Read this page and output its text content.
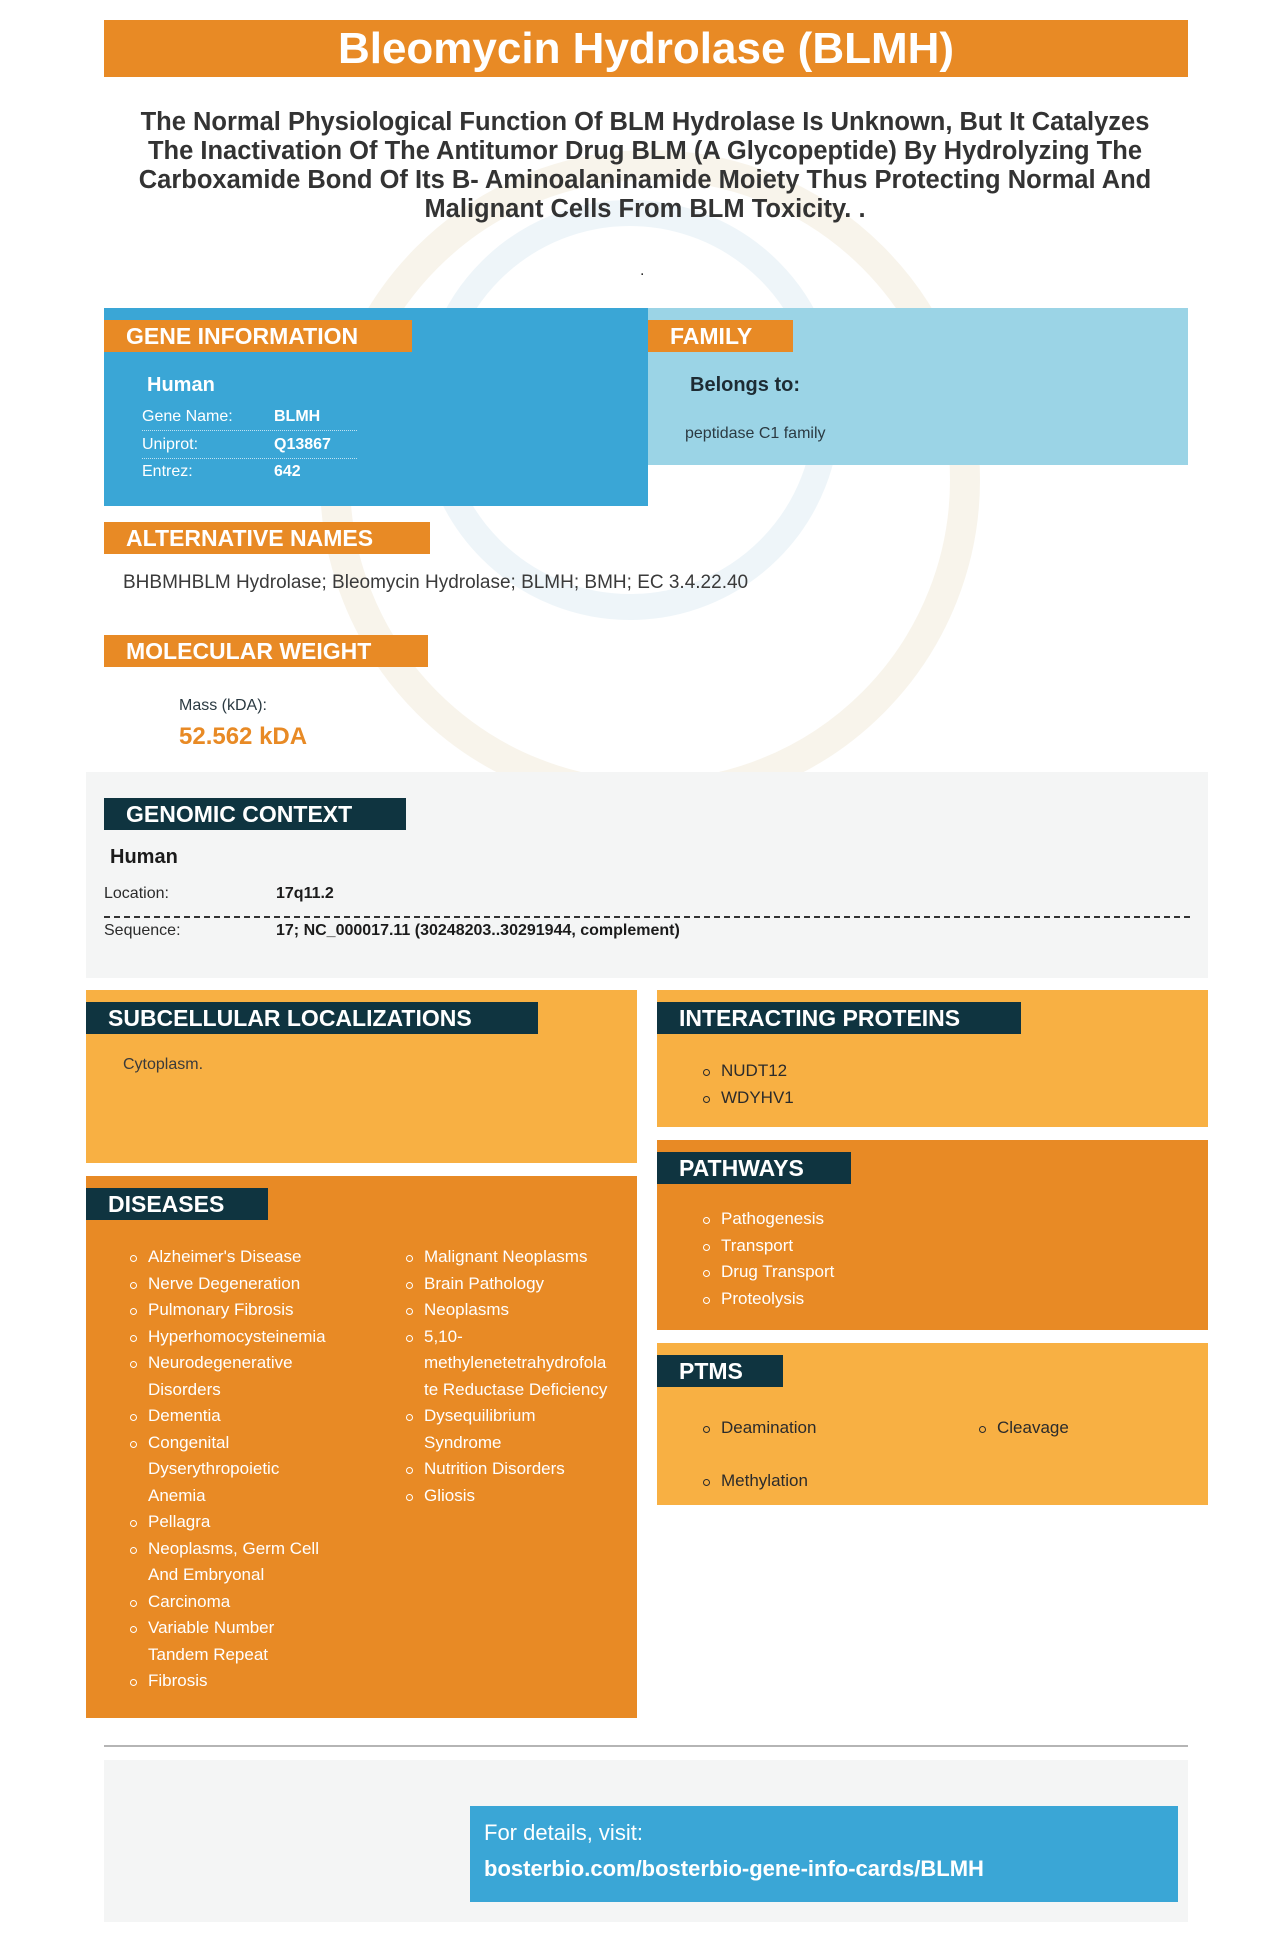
Bleomycin Hydrolase (BLMH)
The Normal Physiological Function Of BLM Hydrolase Is Unknown, But It Catalyzes The Inactivation Of The Antitumor Drug BLM (A Glycopeptide) By Hydrolyzing The Carboxamide Bond Of Its B- Aminoalaninamide Moiety Thus Protecting Normal And Malignant Cells From BLM Toxicity. .
.
GENE INFORMATION
Human
Gene Name:	BLMH
Uniprot:	Q13867
Entrez:	642
FAMILY
Belongs to:
peptidase C1 family
ALTERNATIVE NAMES
BHBMHBLM Hydrolase; Bleomycin Hydrolase; BLMH; BMH; EC 3.4.22.40
MOLECULAR WEIGHT
Mass (kDA):
52.562 kDA
GENOMIC CONTEXT
Human
Location:	17q11.2
Sequence:	17; NC_000017.11 (30248203..30291944, complement)
SUBCELLULAR LOCALIZATIONS
Cytoplasm.
DISEASES
Alzheimer's Disease
Nerve Degeneration
Pulmonary Fibrosis
Hyperhomocysteinemia
Neurodegenerative Disorders
Dementia
Congenital Dyserythropoietic Anemia
Pellagra
Neoplasms, Germ Cell And Embryonal
Carcinoma
Variable Number Tandem Repeat
Fibrosis
Malignant Neoplasms
Brain Pathology
Neoplasms
5,10-methylenetetrahydrofolate Reductase Deficiency
Dysequilibrium Syndrome
Nutrition Disorders
Gliosis
INTERACTING PROTEINS
NUDT12
WDYHV1
PATHWAYS
Pathogenesis
Transport
Drug Transport
Proteolysis
PTMS
Deamination	Cleavage
Methylation
For details, visit:
bosterbio.com/bosterbio-gene-info-cards/BLMH
